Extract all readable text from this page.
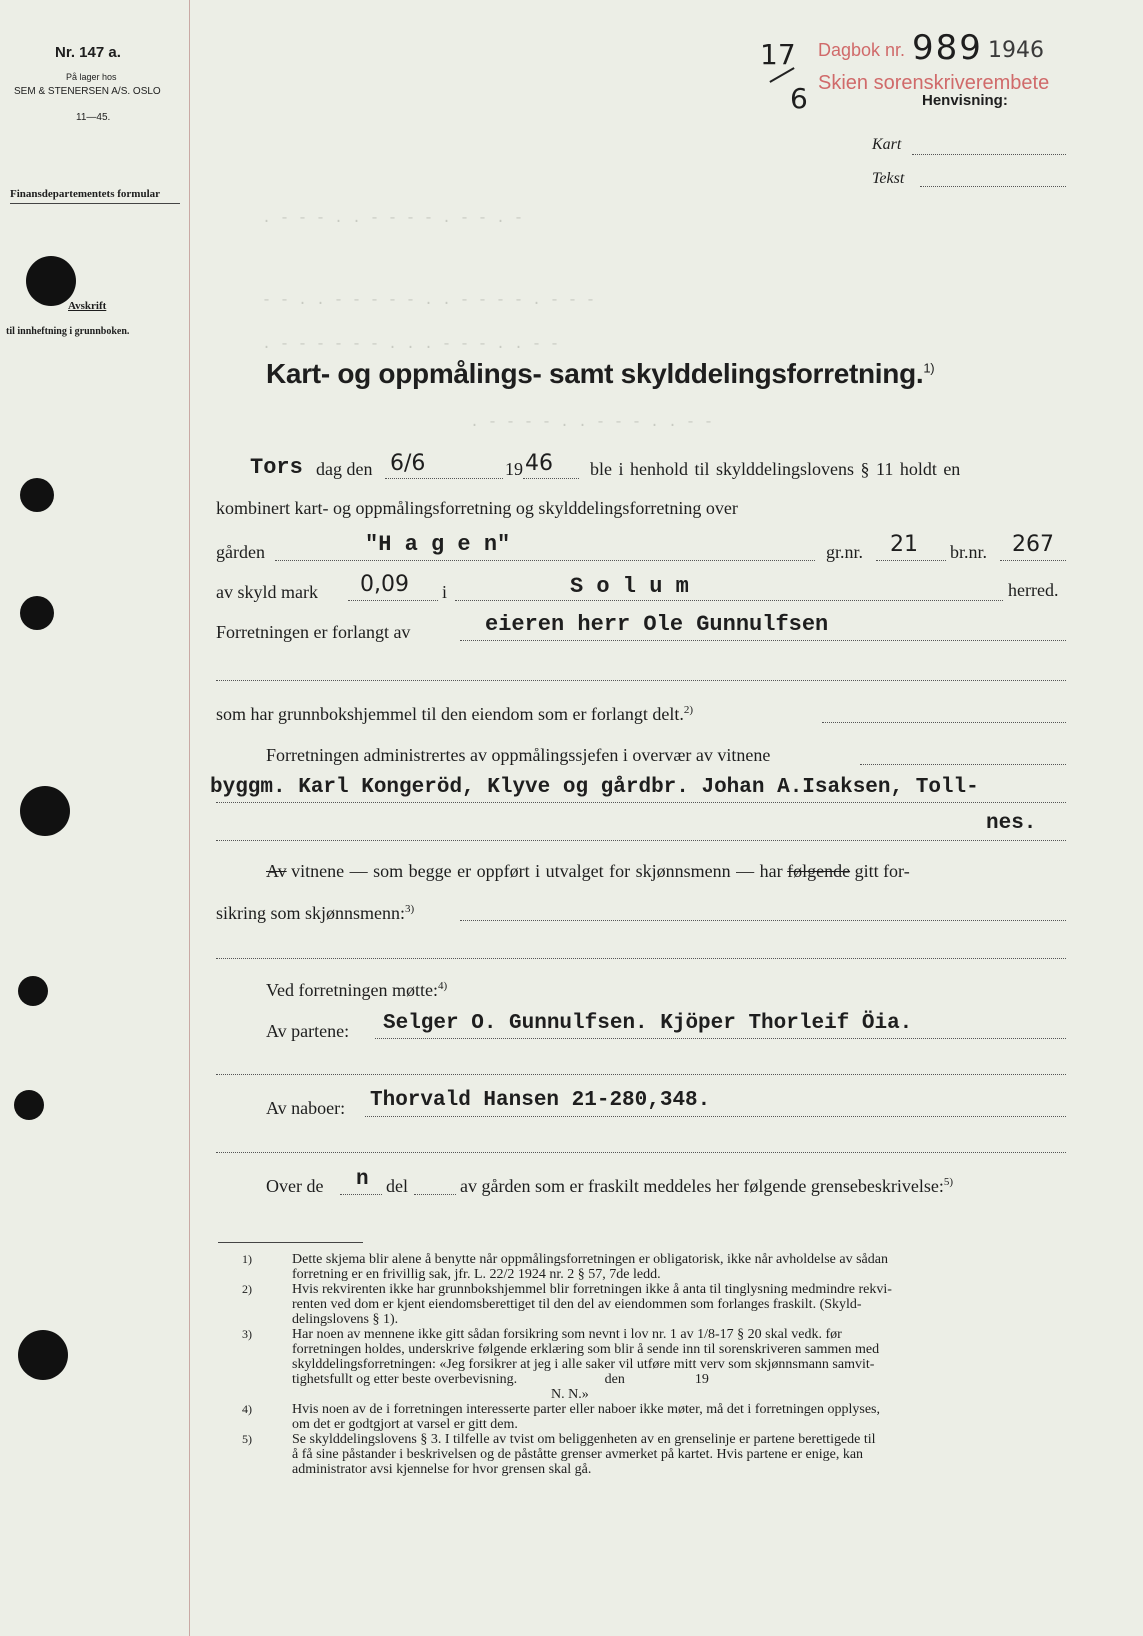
Nr. 147 a.
På lager hos
SEM & STENERSEN A/S. OSLO
11—45.
Finansdepartementets formular
Avskrift
til innheftning i grunnboken.
17
6
Dagbok nr. 989 1946
Skien sorenskriverembete
Henvisning:
Kart
Tekst
. - - - . . - - - - . - - . -
- - . . - - - - - . . - - - - . - - -
. - - - - - - . . . - - - . . - -
. - - - - . . - - - . . - -
Kart- og oppmålings- samt skylddelingsforretning.$^{1)}$
Tors dag den 6/6	19 46 ble i henhold til skylddelingslovens § 11 holdt en
kombinert kart- og oppmålingsforretning og skylddelingsforretning over
gården	"H a g e n"	gr.nr. 21 br.nr. 267
av skyld mark 0,09 i	S o l u m	herred.
Forretningen er forlangt av	eieren herr Ole Gunnulfsen
som har grunnbokshjemmel til den eiendom som er forlangt delt.$^{2)}$
Forretningen administrertes av oppmålingssjefen i overvær av vitnene
byggm. Karl Kongeröd, Klyve og gårdbr. Johan A.Isaksen, Toll-
nes.
Av vitnene — som begge er oppført i utvalget for skjønnsmenn — har følgende gitt for-
sikring som skjønnsmenn:$^{3)}$
Ved forretningen møtte:$^{4)}$
Av partene: Selger O. Gunnulfsen. Kjöper Thorleif Öia.
Av naboer: Thorvald Hansen 21-280,348.
Over de n del	av gården som er fraskilt meddeles her følgende grensebeskrivelse:$^{5)}$
1)	Dette skjema blir alene å benytte når oppmålingsforretningen er obligatorisk, ikke når avholdelse av sådan
forretning er en frivillig sak, jfr. L. 22/2 1924 nr. 2 § 57, 7de ledd.
2)	Hvis rekvirenten ikke har grunnbokshjemmel blir forretningen ikke å anta til tinglysning medmindre rekvi-
renten ved dom er kjent eiendomsberettiget til den del av eiendommen som forlanges fraskilt. (Skyld-
delingslovens § 1).
3)	Har noen av mennene ikke gitt sådan forsikring som nevnt i lov nr. 1 av 1/8-17 § 20 skal vedk. før
forretningen holdes, underskrive følgende erklæring som blir å sende inn til sorenskriveren sammen med
skylddelingsforretningen: «Jeg forsikrer at jeg i alle saker vil utføre mitt verv som skjønnsmann samvit-
tighetsfullt og etter beste overbevisning.                         den                    19
N. N.»
4)	Hvis noen av de i forretningen interesserte parter eller naboer ikke møter, må det i forretningen opplyses,
om det er godtgjort at varsel er gitt dem.
5)	Se skylddelingslovens § 3. I tilfelle av tvist om beliggenheten av en grenselinje er partene berettigede til
å få sine påstander i beskrivelsen og de påståtte grenser avmerket på kartet. Hvis partene er enige, kan
administrator avsi kjennelse for hvor grensen skal gå.
